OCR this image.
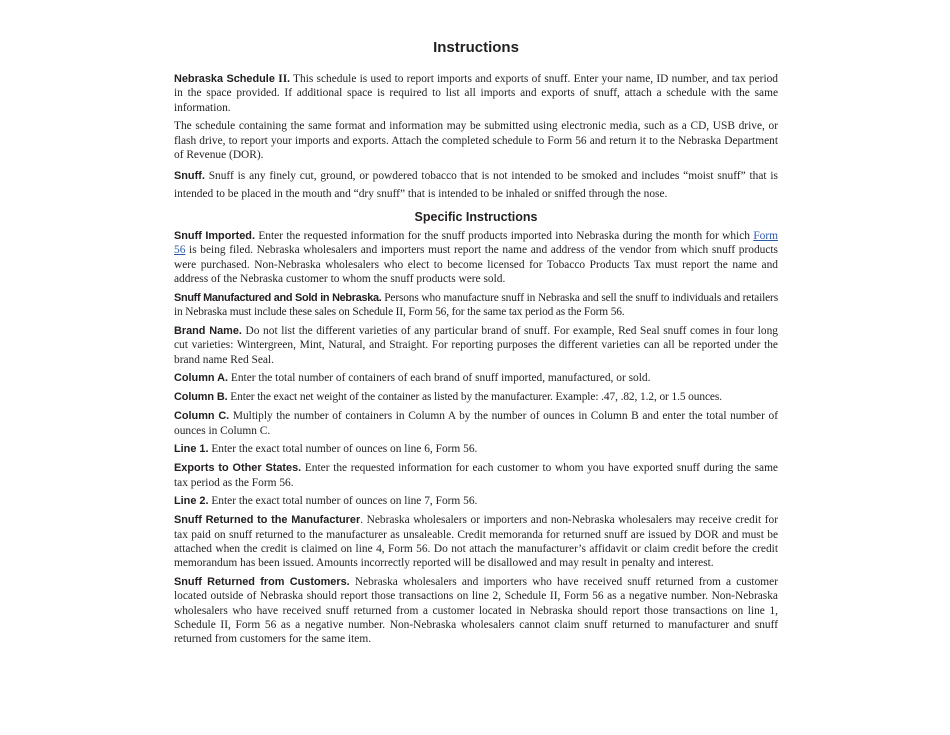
Instructions

Nebraska Schedule II. This schedule is used to report imports and exports of snuff. Enter your name, ID number, and tax period in the space provided. If additional space is required to list all imports and exports of snuff, attach a schedule with the same information.

The schedule containing the same format and information may be submitted using electronic media, such as a CD, USB drive, or flash drive, to report your imports and exports. Attach the completed schedule to Form 56 and return it to the Nebraska Department of Revenue (DOR).

Snuff. Snuff is any finely cut, ground, or powdered tobacco that is not intended to be smoked and includes “moist snuff” that is intended to be placed in the mouth and “dry snuff” that is intended to be inhaled or sniffed through the nose.

Specific Instructions

Snuff Imported. Enter the requested information for the snuff products imported into Nebraska during the month for which Form 56 is being filed. Nebraska wholesalers and importers must report the name and address of the vendor from which snuff products were purchased. Non-Nebraska wholesalers who elect to become licensed for Tobacco Products Tax must report the name and address of the Nebraska customer to whom the snuff products were sold.

Snuff Manufactured and Sold in Nebraska. Persons who manufacture snuff in Nebraska and sell the snuff to individuals and retailers in Nebraska must include these sales on Schedule II, Form 56, for the same tax period as the Form 56.

Brand Name. Do not list the different varieties of any particular brand of snuff. For example, Red Seal snuff comes in four long cut varieties: Wintergreen, Mint, Natural, and Straight. For reporting purposes the different varieties can all be reported under the brand name Red Seal.

Column A. Enter the total number of containers of each brand of snuff imported, manufactured, or sold.

Column B. Enter the exact net weight of the container as listed by the manufacturer. Example: .47, .82, 1.2, or 1.5 ounces.

Column C. Multiply the number of containers in Column A by the number of ounces in Column B and enter the total number of ounces in Column C.

Line 1. Enter the exact total number of ounces on line 6, Form 56.

Exports to Other States. Enter the requested information for each customer to whom you have exported snuff during the same tax period as the Form 56.

Line 2. Enter the exact total number of ounces on line 7, Form 56.

Snuff Returned to the Manufacturer. Nebraska wholesalers or importers and non-Nebraska wholesalers may receive credit for tax paid on snuff returned to the manufacturer as unsaleable. Credit memoranda for returned snuff are issued by DOR and must be attached when the credit is claimed on line 4, Form 56. Do not attach the manufacturer’s affidavit or claim credit before the credit memorandum has been issued. Amounts incorrectly reported will be disallowed and may result in penalty and interest.

Snuff Returned from Customers. Nebraska wholesalers and importers who have received snuff returned from a customer located outside of Nebraska should report those transactions on line 2, Schedule II, Form 56 as a negative number. Non-Nebraska wholesalers who have received snuff returned from a customer located in Nebraska should report those transactions on line 1, Schedule II, Form 56 as a negative number. Non-Nebraska wholesalers cannot claim snuff returned to manufacturer and snuff returned from customers for the same item.
